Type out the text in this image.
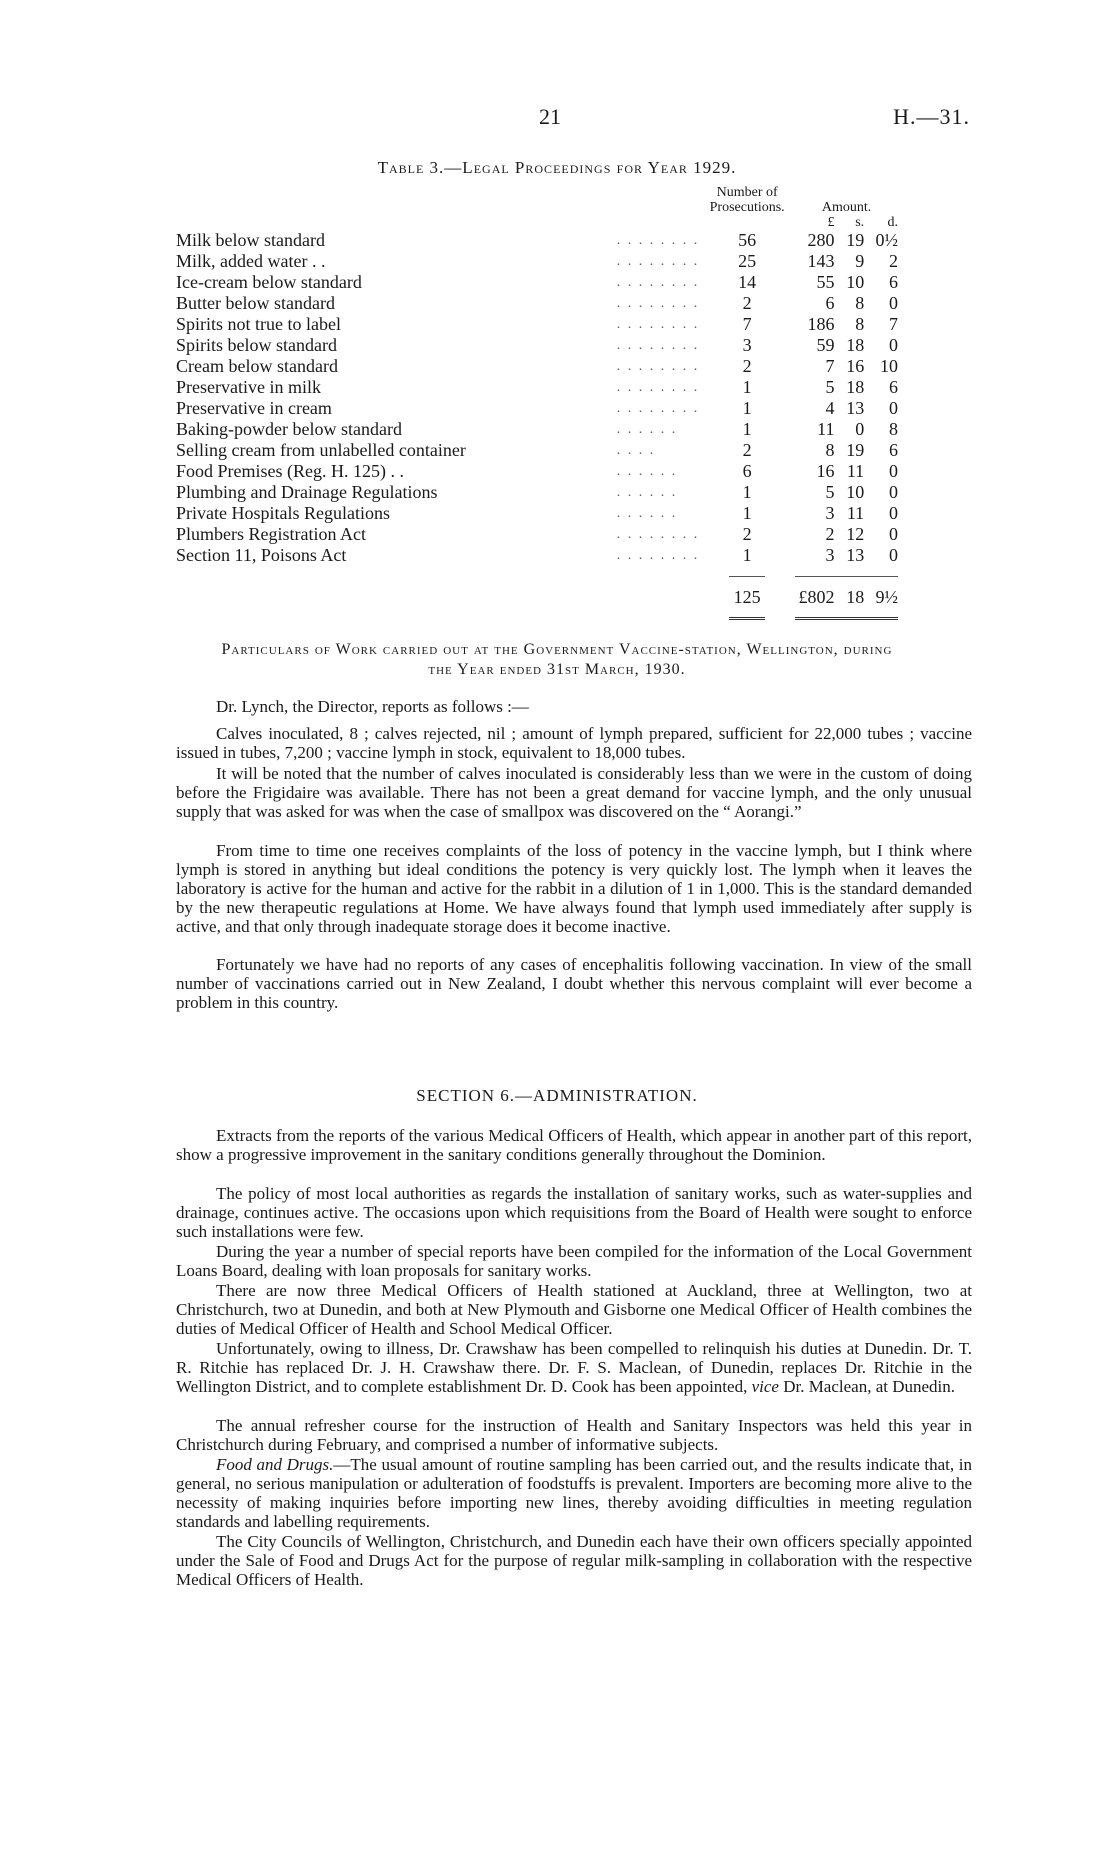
21	H.—31.
Table 3.—Legal Proceedings for Year 1929.
		Number of Prosecutions.	Amount.		
			£	s.	d.
Milk below standard	. . . . . . . .	56	280	19	0½
Milk, added water . .	. . . . . . . .	25	143	9	2
Ice-cream below standard	. . . . . . . .	14	55	10	6
Butter below standard	. . . . . . . .	2	6	8	0
Spirits not true to label	. . . . . . . .	7	186	8	7
Spirits below standard	. . . . . . . .	3	59	18	0
Cream below standard	. . . . . . . .	2	7	16	10
Preservative in milk	. . . . . . . .	1	5	18	6
Preservative in cream	. . . . . . . .	1	4	13	0
Baking-powder below standard	. . . . . .	1	11	0	8
Selling cream from unlabelled container	. . . .	2	8	19	6
Food Premises (Reg. H. 125) . .	. . . . . .	6	16	11	0
Plumbing and Drainage Regulations	. . . . . .	1	5	10	0
Private Hospitals Regulations	. . . . . .	1	3	11	0
Plumbers Registration Act	. . . . . . . .	2	2	12	0
Section 11, Poisons Act	. . . . . . . .	1	3	13	0

		125	£802	18	9½

Particulars of Work carried out at the Government Vaccine-station, Wellington, during
the Year ended 31st March, 1930.

Dr. Lynch, the Director, reports as follows :—

Calves inoculated, 8 ; calves rejected, nil ; amount of lymph prepared, sufficient for 22,000 tubes ; vaccine issued in tubes, 7,200 ; vaccine lymph in stock, equivalent to 18,000 tubes.

It will be noted that the number of calves inoculated is considerably less than we were in the custom of doing before the Frigidaire was available. There has not been a great demand for vaccine lymph, and the only unusual supply that was asked for was when the case of smallpox was discovered on the “ Aorangi.”

From time to time one receives complaints of the loss of potency in the vaccine lymph, but I think where lymph is stored in anything but ideal conditions the potency is very quickly lost. The lymph when it leaves the laboratory is active for the human and active for the rabbit in a dilution of 1 in 1,000. This is the standard demanded by the new therapeutic regulations at Home. We have always found that lymph used immediately after supply is active, and that only through inadequate storage does it become inactive.

Fortunately we have had no reports of any cases of encephalitis following vaccination. In view of the small number of vaccinations carried out in New Zealand, I doubt whether this nervous complaint will ever become a problem in this country.

SECTION 6.—ADMINISTRATION.

Extracts from the reports of the various Medical Officers of Health, which appear in another part of this report, show a progressive improvement in the sanitary conditions generally throughout the Dominion.

The policy of most local authorities as regards the installation of sanitary works, such as water-supplies and drainage, continues active. The occasions upon which requisitions from the Board of Health were sought to enforce such installations were few.

During the year a number of special reports have been compiled for the information of the Local Government Loans Board, dealing with loan proposals for sanitary works.

There are now three Medical Officers of Health stationed at Auckland, three at Wellington, two at Christchurch, two at Dunedin, and both at New Plymouth and Gisborne one Medical Officer of Health combines the duties of Medical Officer of Health and School Medical Officer.

Unfortunately, owing to illness, Dr. Crawshaw has been compelled to relinquish his duties at Dunedin. Dr. T. R. Ritchie has replaced Dr. J. H. Crawshaw there. Dr. F. S. Maclean, of Dunedin, replaces Dr. Ritchie in the Wellington District, and to complete establishment Dr. D. Cook has been appointed, vice Dr. Maclean, at Dunedin.

The annual refresher course for the instruction of Health and Sanitary Inspectors was held this year in Christchurch during February, and comprised a number of informative subjects.

Food and Drugs.—The usual amount of routine sampling has been carried out, and the results indicate that, in general, no serious manipulation or adulteration of foodstuffs is prevalent. Importers are becoming more alive to the necessity of making inquiries before importing new lines, thereby avoiding difficulties in meeting regulation standards and labelling requirements.

The City Councils of Wellington, Christchurch, and Dunedin each have their own officers specially appointed under the Sale of Food and Drugs Act for the purpose of regular milk-sampling in collaboration with the respective Medical Officers of Health.
